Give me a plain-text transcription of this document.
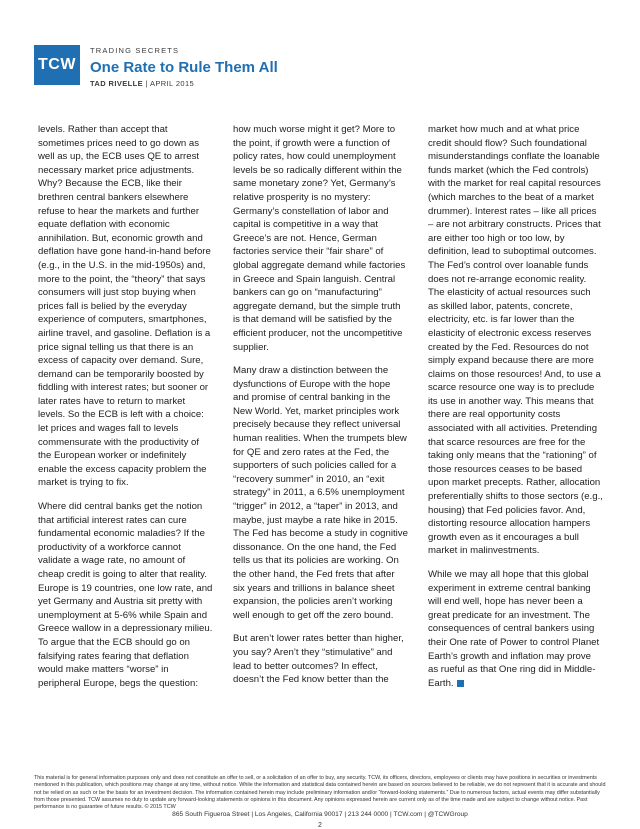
TCW

TRADING SECRETS

One Rate to Rule Them All
TAD RIVELLE | APRIL 2015

levels. Rather than accept that sometimes prices need to go down as well as up, the ECB uses QE to arrest necessary market price adjustments. Why? Because the ECB, like their brethren central bankers elsewhere refuse to hear the markets and further equate deflation with economic annihilation. But, economic growth and deflation have gone hand-in-hand before (e.g., in the U.S. in the mid-1950s) and, more to the point, the “theory” that says consumers will just stop buying when prices fall is belied by the everyday experience of computers, smartphones, airline travel, and gasoline. Deflation is a price signal telling us that there is an excess of capacity over demand. Sure, demand can be temporarily boosted by fiddling with interest rates; but sooner or later rates have to return to market levels. So the ECB is left with a choice: let prices and wages fall to levels commensurate with the productivity of the European worker or indefinitely enable the excess capacity problem the market is trying to fix.

Where did central banks get the notion that artificial interest rates can cure fundamental economic maladies? If the productivity of a workforce cannot validate a wage rate, no amount of cheap credit is going to alter that reality. Europe is 19 countries, one low rate, and yet Germany and Austria sit pretty with unemployment at 5-6% while Spain and Greece wallow in a depressionary milieu. To argue that the ECB should go on falsifying rates fearing that deflation would make matters “worse” in peripheral Europe, begs the question:

how much worse might it get? More to the point, if growth were a function of policy rates, how could unemployment levels be so radically different within the same monetary zone? Yet, Germany’s relative prosperity is no mystery: Germany’s constellation of labor and capital is competitive in a way that Greece’s are not. Hence, German factories service their “fair share” of global aggregate demand while factories in Greece and Spain languish. Central bankers can go on “manufacturing” aggregate demand, but the simple truth is that demand will be satisfied by the efficient producer, not the uncompetitive supplier.

Many draw a distinction between the dysfunctions of Europe with the hope and promise of central banking in the New World. Yet, market principles work precisely because they reflect universal human realities. When the trumpets blew for QE and zero rates at the Fed, the supporters of such policies called for a “recovery summer” in 2010, an “exit strategy” in 2011, a 6.5% unemployment “trigger” in 2012, a “taper” in 2013, and maybe, just maybe a rate hike in 2015. The Fed has become a study in cognitive dissonance. On the one hand, the Fed tells us that its policies are working. On the other hand, the Fed frets that after six years and trillions in balance sheet expansion, the policies aren’t working well enough to get off the zero bound.

But aren’t lower rates better than higher, you say? Aren’t they “stimulative” and lead to better outcomes? In effect, doesn’t the Fed know better than the

market how much and at what price credit should flow? Such foundational misunderstandings conflate the loanable funds market (which the Fed controls) with the market for real capital resources (which marches to the beat of a market drummer). Interest rates – like all prices – are not arbitrary constructs. Prices that are either too high or too low, by definition, lead to suboptimal outcomes. The Fed’s control over loanable funds does not re-arrange economic reality. The elasticity of actual resources such as skilled labor, patents, concrete, electricity, etc. is far lower than the elasticity of electronic excess reserves created by the Fed. Resources do not simply expand because there are more claims on those resources! And, to use a scarce resource one way is to preclude its use in another way. This means that there are real opportunity costs associated with all activities. Pretending that scarce resources are free for the taking only means that the “rationing” of those resources ceases to be based upon market precepts. Rather, allocation preferentially shifts to those sectors (e.g., housing) that Fed policies favor. And, distorting resource allocation hampers growth even as it encourages a bull market in malinvestments.

While we may all hope that this global experiment in extreme central banking will end well, hope has never been a great predicate for an investment. The consequences of central bankers using their One rate of Power to control Planet Earth’s growth and inflation may prove as rueful as that One ring did in Middle-Earth.

This material is for general information purposes only and does not constitute an offer to sell, or a solicitation of an offer to buy, any security. TCW, its officers, directors, employees or clients may have positions in securities or investments mentioned in this publication, which positions may change at any time, without notice. While the information and statistical data contained herein are based on sources believed to be reliable, we do not represent that it is accurate and should not be relied on as such or be the basis for an investment decision. The information contained herein may include preliminary information and/or “forward-looking statements.” Due to numerous factors, actual events may differ substantially from those presented. TCW assumes no duty to update any forward-looking statements or opinions in this document. Any opinions expressed herein are current only as of the time made and are subject to change without notice. Past performance is no guarantee of future results. © 2015 TCW

865 South Figueroa Street | Los Angeles, California 90017 | 213 244 0000 | TCW.com | @TCWGroup
2
